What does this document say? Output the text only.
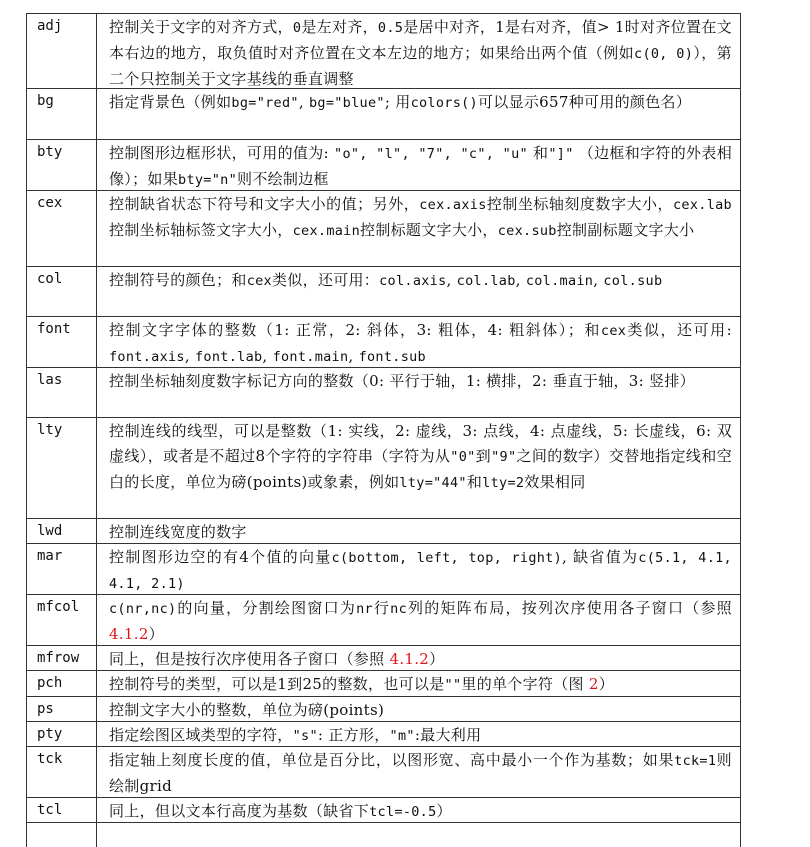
adj	控制关于文字的对齐方式，0是左对齐，0.5是居中对齐，1是右对齐，值> 1时对齐位置在文本右边的地方，取负值时对齐位置在文本左边的地方；如果给出两个值（例如c(0, 0)），第二个只控制关于文字基线的垂直调整
bg	指定背景色（例如bg="red", bg="blue"; 用colors()可以显示657种可用的颜色名）
bty	控制图形边框形状，可用的值为: "o", "l", "7", "c", "u" 和"]" （边框和字符的外表相像）；如果bty="n"则不绘制边框
cex	控制缺省状态下符号和文字大小的值；另外，cex.axis控制坐标轴刻度数字大小，cex.lab控制坐标轴标签文字大小，cex.main控制标题文字大小，cex.sub控制副标题文字大小
col	控制符号的颜色；和cex类似，还可用：col.axis, col.lab, col.main, col.sub
font	控制文字字体的整数（1: 正常，2: 斜体，3: 粗体，4: 粗斜体）；和cex类似，还可用: font.axis, font.lab, font.main, font.sub
las	控制坐标轴刻度数字标记方向的整数（0: 平行于轴，1: 横排，2: 垂直于轴，3: 竖排）
lty	控制连线的线型，可以是整数（1: 实线，2: 虚线，3: 点线，4: 点虚线，5: 长虚线，6: 双虚线），或者是不超过8个字符的字符串（字符为从"0"到"9"之间的数字）交替地指定线和空白的长度，单位为磅(points)或象素，例如lty="44"和lty=2效果相同
lwd	控制连线宽度的数字
mar	控制图形边空的有4个值的向量c(bottom, left, top, right), 缺省值为c(5.1, 4.1, 4.1, 2.1)
mfcol	c(nr,nc)的向量，分割绘图窗口为nr行nc列的矩阵布局，按列次序使用各子窗口（参照 4.1.2）
mfrow	同上，但是按行次序使用各子窗口（参照 4.1.2）
pch	控制符号的类型，可以是1到25的整数，也可以是""里的单个字符（图 2）
ps	控制文字大小的整数，单位为磅(points)
pty	指定绘图区域类型的字符，"s": 正方形，"m":最大利用
tck	指定轴上刻度长度的值，单位是百分比，以图形宽、高中最小一个作为基数；如果tck=1则绘制grid
tcl	同上，但以文本行高度为基数（缺省下tcl=-0.5）
